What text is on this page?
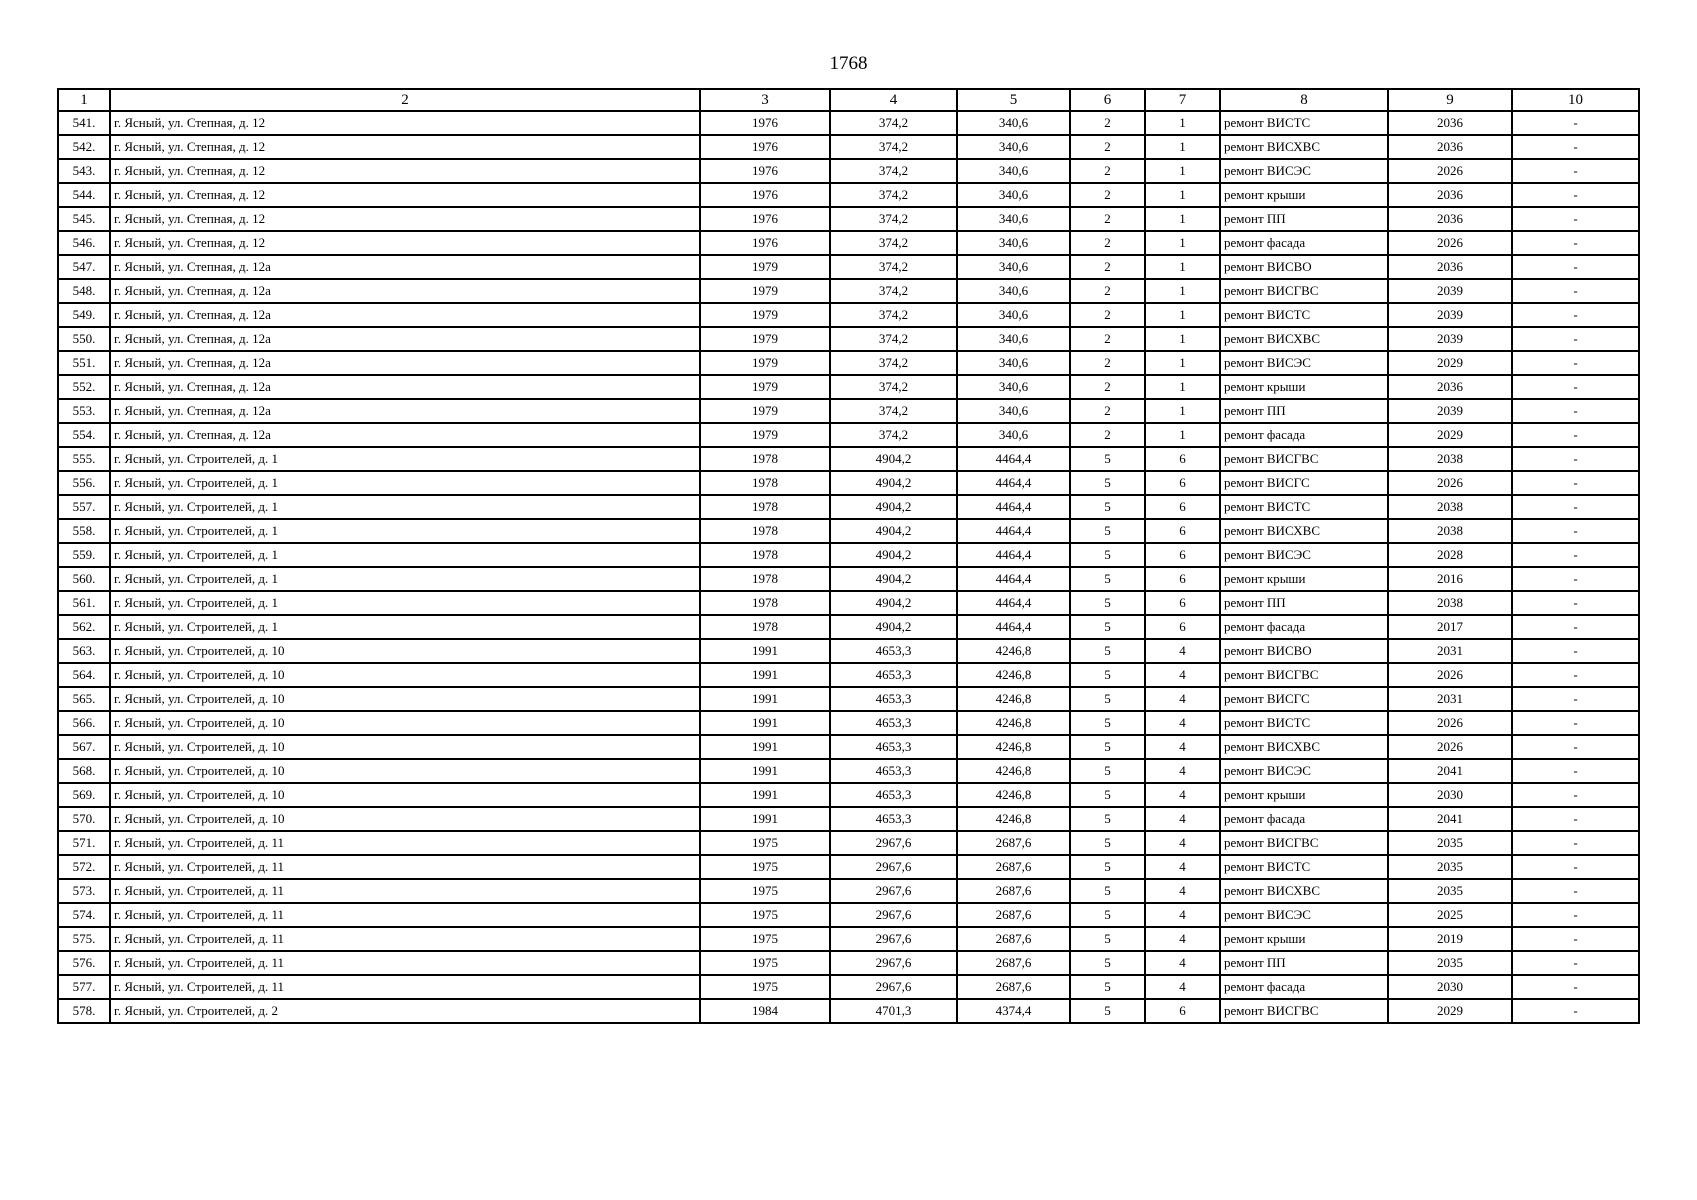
1768
1	2	3	4	5	6	7	8	9	10
541.	г. Ясный, ул. Степная, д. 12	1976	374,2	340,6	2	1	ремонт ВИСТС	2036	-
542.	г. Ясный, ул. Степная, д. 12	1976	374,2	340,6	2	1	ремонт ВИСХВС	2036	-
543.	г. Ясный, ул. Степная, д. 12	1976	374,2	340,6	2	1	ремонт ВИСЭС	2026	-
544.	г. Ясный, ул. Степная, д. 12	1976	374,2	340,6	2	1	ремонт крыши	2036	-
545.	г. Ясный, ул. Степная, д. 12	1976	374,2	340,6	2	1	ремонт ПП	2036	-
546.	г. Ясный, ул. Степная, д. 12	1976	374,2	340,6	2	1	ремонт фасада	2026	-
547.	г. Ясный, ул. Степная, д. 12а	1979	374,2	340,6	2	1	ремонт ВИСВО	2036	-
548.	г. Ясный, ул. Степная, д. 12а	1979	374,2	340,6	2	1	ремонт ВИСГВС	2039	-
549.	г. Ясный, ул. Степная, д. 12а	1979	374,2	340,6	2	1	ремонт ВИСТС	2039	-
550.	г. Ясный, ул. Степная, д. 12а	1979	374,2	340,6	2	1	ремонт ВИСХВС	2039	-
551.	г. Ясный, ул. Степная, д. 12а	1979	374,2	340,6	2	1	ремонт ВИСЭС	2029	-
552.	г. Ясный, ул. Степная, д. 12а	1979	374,2	340,6	2	1	ремонт крыши	2036	-
553.	г. Ясный, ул. Степная, д. 12а	1979	374,2	340,6	2	1	ремонт ПП	2039	-
554.	г. Ясный, ул. Степная, д. 12а	1979	374,2	340,6	2	1	ремонт фасада	2029	-
555.	г. Ясный, ул. Строителей, д. 1	1978	4904,2	4464,4	5	6	ремонт ВИСГВС	2038	-
556.	г. Ясный, ул. Строителей, д. 1	1978	4904,2	4464,4	5	6	ремонт ВИСГС	2026	-
557.	г. Ясный, ул. Строителей, д. 1	1978	4904,2	4464,4	5	6	ремонт ВИСТС	2038	-
558.	г. Ясный, ул. Строителей, д. 1	1978	4904,2	4464,4	5	6	ремонт ВИСХВС	2038	-
559.	г. Ясный, ул. Строителей, д. 1	1978	4904,2	4464,4	5	6	ремонт ВИСЭС	2028	-
560.	г. Ясный, ул. Строителей, д. 1	1978	4904,2	4464,4	5	6	ремонт крыши	2016	-
561.	г. Ясный, ул. Строителей, д. 1	1978	4904,2	4464,4	5	6	ремонт ПП	2038	-
562.	г. Ясный, ул. Строителей, д. 1	1978	4904,2	4464,4	5	6	ремонт фасада	2017	-
563.	г. Ясный, ул. Строителей, д. 10	1991	4653,3	4246,8	5	4	ремонт ВИСВО	2031	-
564.	г. Ясный, ул. Строителей, д. 10	1991	4653,3	4246,8	5	4	ремонт ВИСГВС	2026	-
565.	г. Ясный, ул. Строителей, д. 10	1991	4653,3	4246,8	5	4	ремонт ВИСГС	2031	-
566.	г. Ясный, ул. Строителей, д. 10	1991	4653,3	4246,8	5	4	ремонт ВИСТС	2026	-
567.	г. Ясный, ул. Строителей, д. 10	1991	4653,3	4246,8	5	4	ремонт ВИСХВС	2026	-
568.	г. Ясный, ул. Строителей, д. 10	1991	4653,3	4246,8	5	4	ремонт ВИСЭС	2041	-
569.	г. Ясный, ул. Строителей, д. 10	1991	4653,3	4246,8	5	4	ремонт крыши	2030	-
570.	г. Ясный, ул. Строителей, д. 10	1991	4653,3	4246,8	5	4	ремонт фасада	2041	-
571.	г. Ясный, ул. Строителей, д. 11	1975	2967,6	2687,6	5	4	ремонт ВИСГВС	2035	-
572.	г. Ясный, ул. Строителей, д. 11	1975	2967,6	2687,6	5	4	ремонт ВИСТС	2035	-
573.	г. Ясный, ул. Строителей, д. 11	1975	2967,6	2687,6	5	4	ремонт ВИСХВС	2035	-
574.	г. Ясный, ул. Строителей, д. 11	1975	2967,6	2687,6	5	4	ремонт ВИСЭС	2025	-
575.	г. Ясный, ул. Строителей, д. 11	1975	2967,6	2687,6	5	4	ремонт крыши	2019	-
576.	г. Ясный, ул. Строителей, д. 11	1975	2967,6	2687,6	5	4	ремонт ПП	2035	-
577.	г. Ясный, ул. Строителей, д. 11	1975	2967,6	2687,6	5	4	ремонт фасада	2030	-
578.	г. Ясный, ул. Строителей, д. 2	1984	4701,3	4374,4	5	6	ремонт ВИСГВС	2029	-
